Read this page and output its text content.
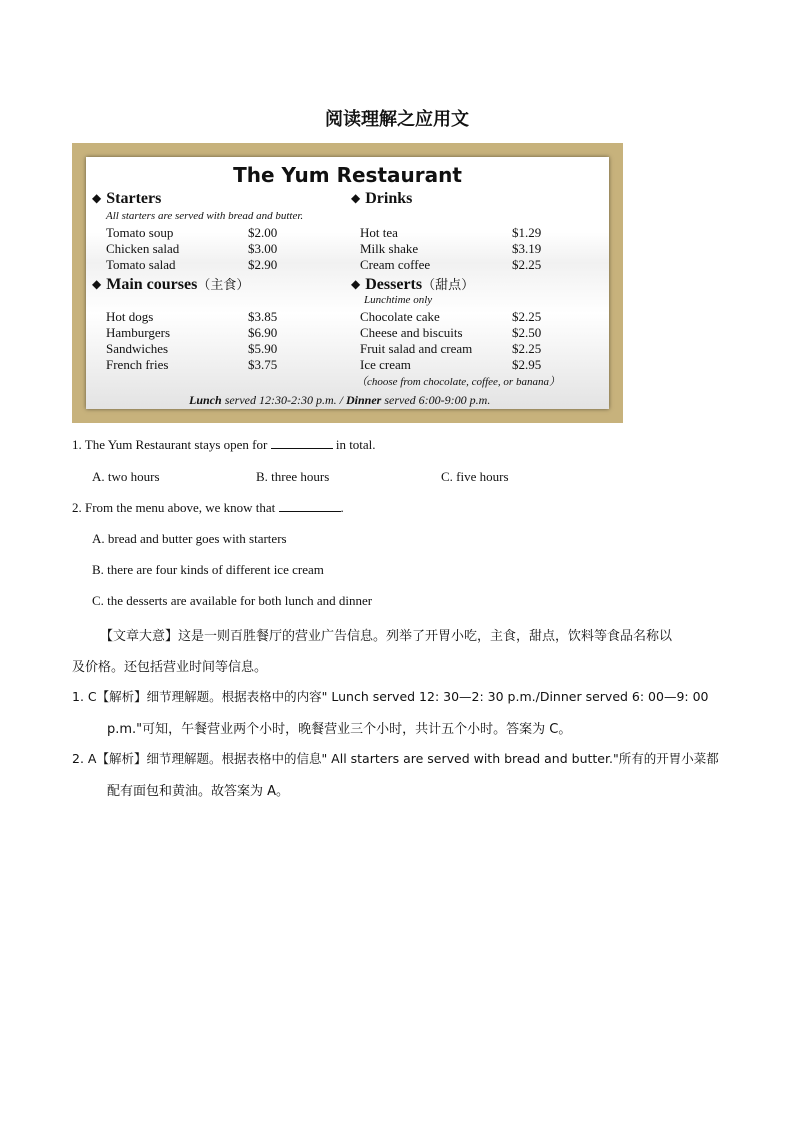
阅读理解之应用文
The Yum Restaurant
◆ Starters
All starters are served with bread and butter.
Tomato soup	$2.00
Chicken salad	$3.00
Tomato salad	$2.90
◆ Drinks
Hot tea	$1.29
Milk shake	$3.19
Cream coffee	$2.25
◆ Main courses（主食）
Hot dogs	$3.85
Hamburgers	$6.90
Sandwiches	$5.90
French fries	$3.75
◆ Desserts（甜点）
Lunchtime only
Chocolate cake	$2.25
Cheese and biscuits	$2.50
Fruit salad and cream	$2.25
Ice cream	$2.95
（choose from chocolate, coffee, or banana）
Lunch served 12:30-2:30 p.m. / Dinner served 6:00-9:00 p.m.
1. The Yum Restaurant stays open for	in total.
A. two hours	B. three hours	C. five hours
2. From the menu above, we know that	.
A. bread and butter goes with starters
B. there are four kinds of different ice cream
C. the desserts are available for both lunch and dinner
【文章大意】这是一则百胜餐厅的营业广告信息。列举了开胃小吃，主食，甜点，饮料等食品名称以
及价格。还包括营业时间等信息。
1. C【解析】细节理解题。根据表格中的内容" Lunch served 12: 30—2: 30 p.m./Dinner served 6: 00—9: 00
p.m."可知，午餐营业两个小时，晚餐营业三个小时，共计五个小时。答案为 C。
2. A【解析】细节理解题。根据表格中的信息" All starters are served with bread and butter."所有的开胃小菜都
配有面包和黄油。故答案为 A。
